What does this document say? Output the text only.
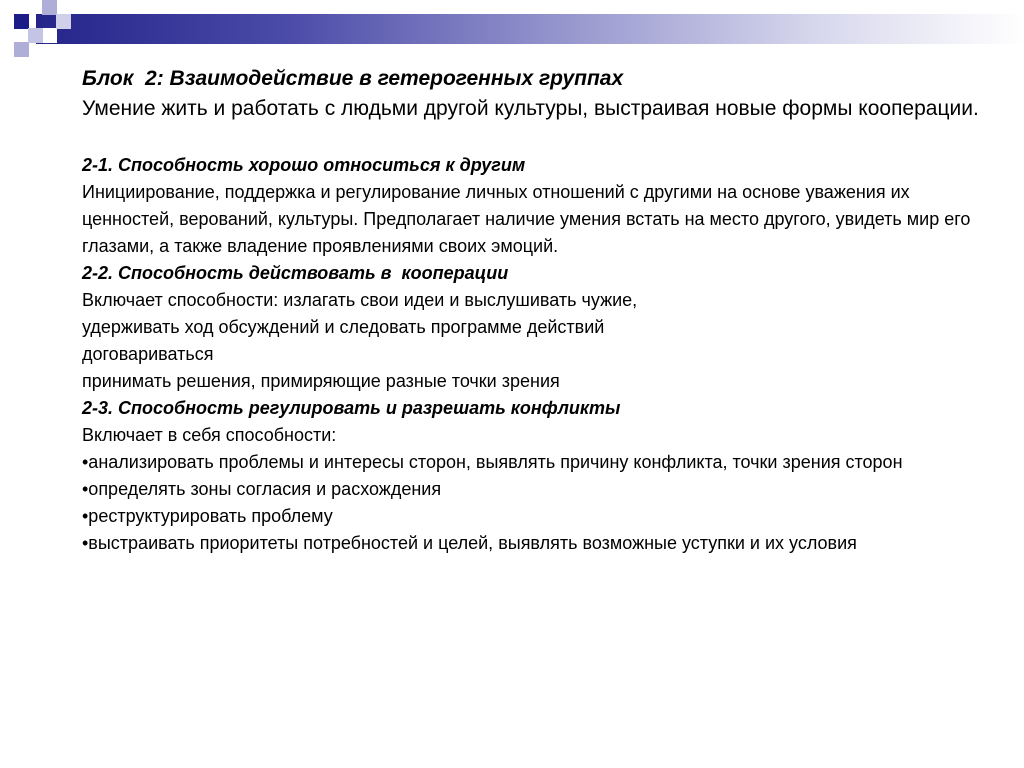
Блок  2: Взаимодействие в гетерогенных группах
Умение жить и работать с людьми другой культуры, выстраивая новые формы кооперации.
2-1. Способность хорошо относиться к другим
Инициирование, поддержка и регулирование личных отношений с другими на основе уважения их ценностей, верований, культуры. Предполагает наличие умения встать на место другого, увидеть мир его глазами, а также владение проявлениями своих эмоций.
2-2. Способность действовать в  кооперации
Включает способности: излагать свои идеи и выслушивать чужие,
удерживать ход обсуждений и следовать программе действий
договариваться
принимать решения, примиряющие разные точки зрения
2-3. Способность регулировать и разрешать конфликты
Включает в себя способности:
•анализировать проблемы и интересы сторон, выявлять причину конфликта, точки зрения сторон
•определять зоны согласия и расхождения
•реструктурировать проблему
•выстраивать приоритеты потребностей и целей, выявлять возможные уступки и их условия
